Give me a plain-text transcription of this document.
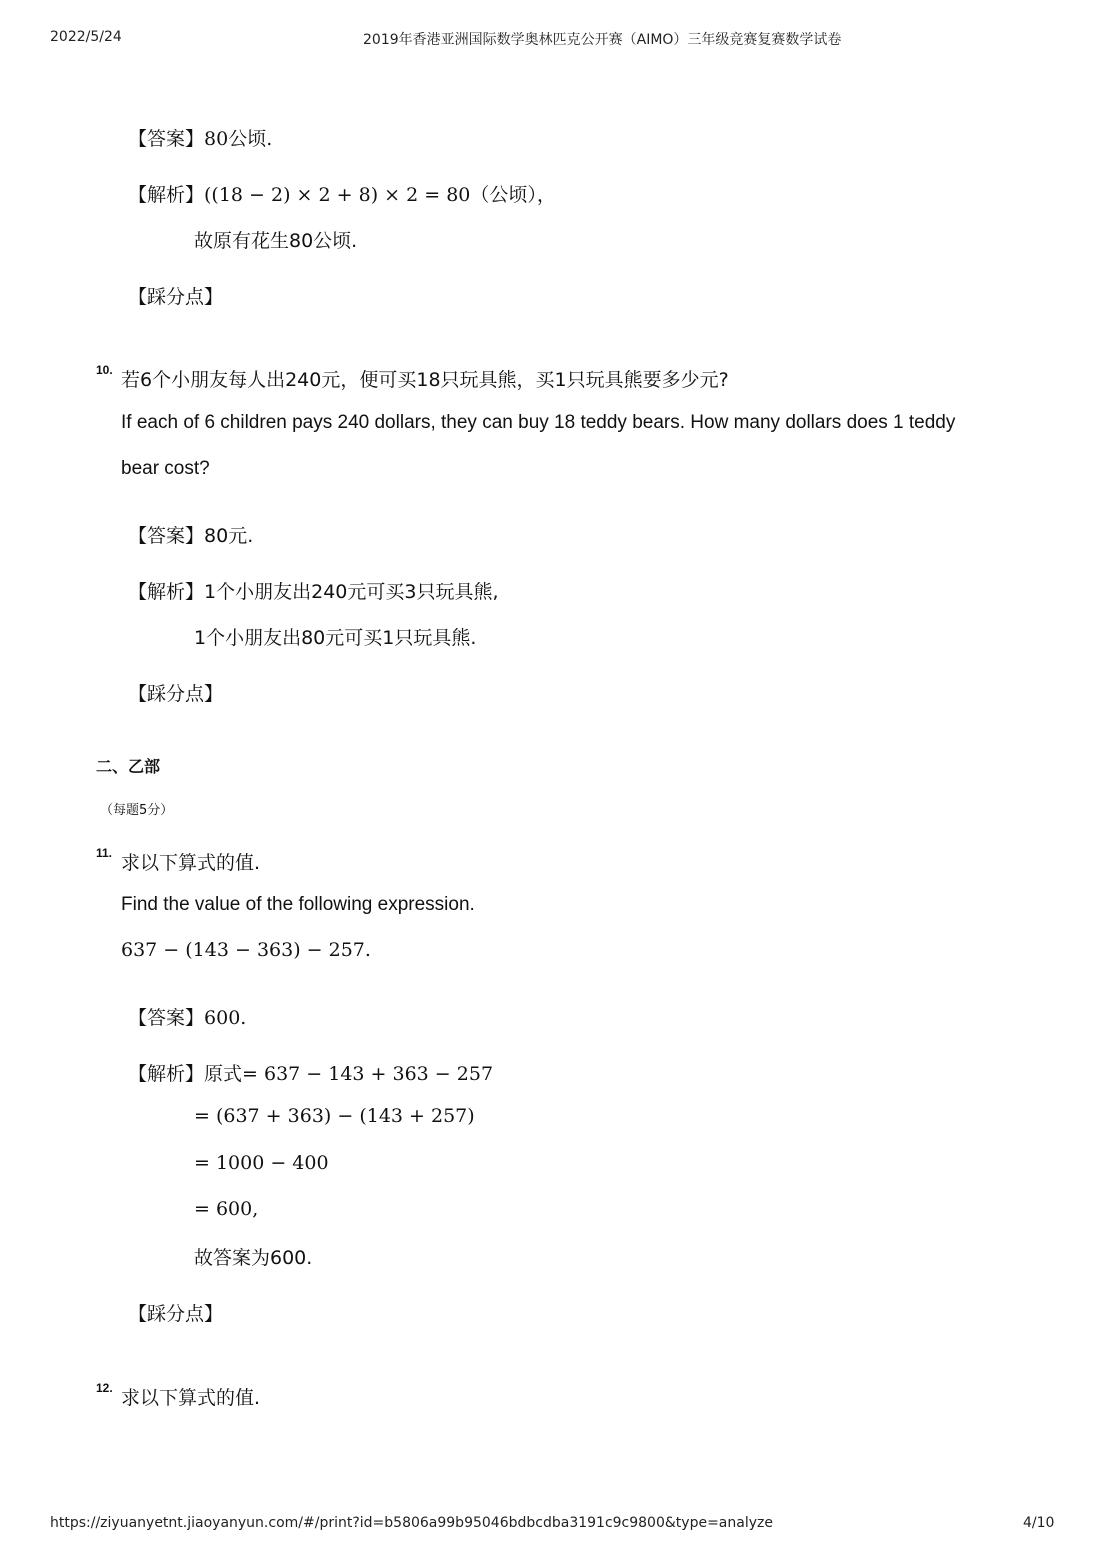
2022/5/24	2019年香港亚洲国际数学奥林匹克公开赛（AIMO）三年级竞赛复赛数学试卷
【答案】80公顷.
【解析】((18 − 2) × 2 + 8) × 2 = 80（公顷），
故原有花生80公顷.
【踩分点】
10. 若6个小朋友每人出240元，便可买18只玩具熊，买1只玩具熊要多少元?
If each of 6 children pays 240 dollars, they can buy 18 teddy bears. How many dollars does 1 teddy
bear cost?
【答案】80元.
【解析】1个小朋友出240元可买3只玩具熊,
1个小朋友出80元可买1只玩具熊.
【踩分点】
二、乙部
（每题5分）
11. 求以下算式的值.
Find the value of the following expression.
637 − (143 − 363) − 257.
【答案】600.
【解析】原式= 637 − 143 + 363 − 257
= (637 + 363) − (143 + 257)
= 1000 − 400
= 600,
故答案为600.
【踩分点】
12. 求以下算式的值.
https://ziyuanyetnt.jiaoyanyun.com/#/print?id=b5806a99b95046bdbcdba3191c9c9800&type=analyze	4/10
